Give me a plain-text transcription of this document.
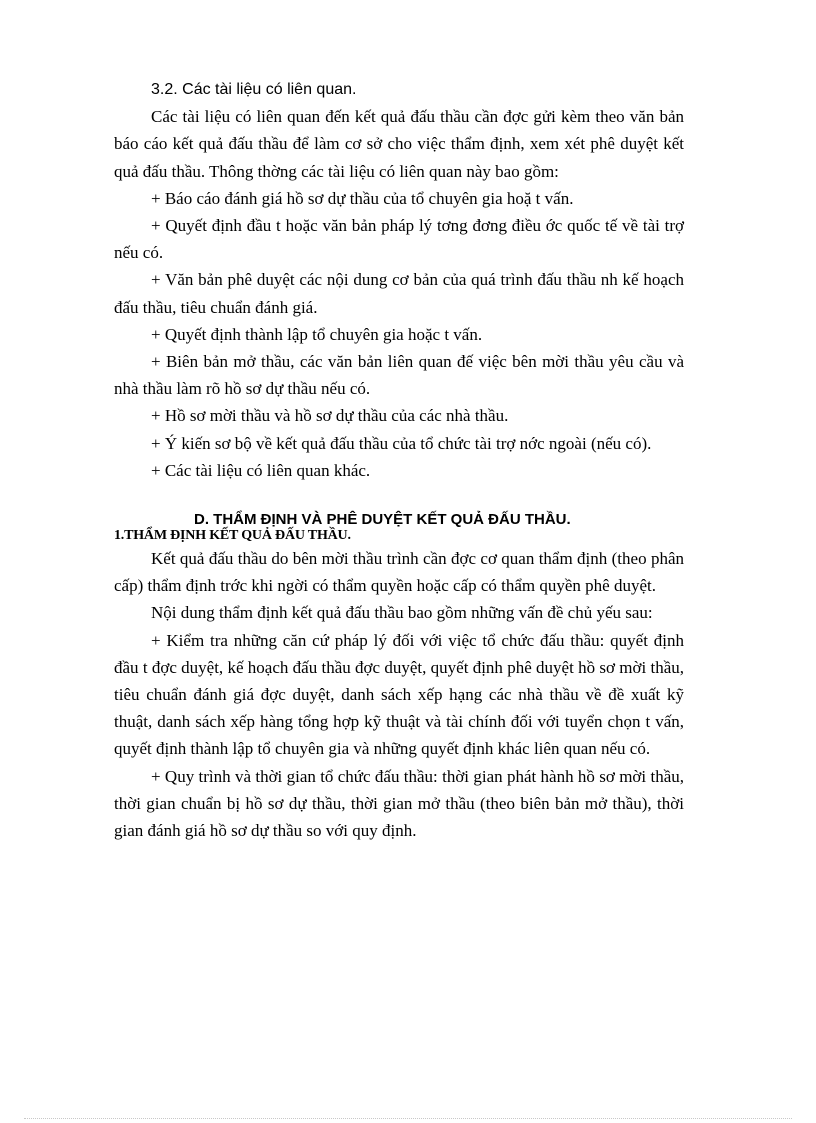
3.2. Các tài liệu có liên quan.

Các tài liệu có liên quan đến kết quả đấu thầu cần đợc gửi kèm theo văn bản báo cáo kết quả đấu thầu để làm cơ sở cho việc thẩm định, xem xét phê duyệt kết quả đấu thầu. Thông thờng các tài liệu có liên quan này bao gồm:

+ Báo cáo đánh giá hồ sơ dự thầu của tổ chuyên gia hoặ t vấn.

+ Quyết định đầu t hoặc văn bản pháp lý tơng đơng điều ớc quốc tế về tài trợ nếu có.

+ Văn bản phê duyệt các nội dung cơ bản của quá trình đấu thầu nh kế hoạch đấu thầu, tiêu chuẩn đánh giá.

+ Quyết định thành lập tổ chuyên gia hoặc t vấn.

+ Biên bản mở thầu, các văn bản liên quan đế việc bên mời thầu yêu cầu và nhà thầu làm rõ hồ sơ dự thầu nếu có.

+ Hồ sơ mời thầu và hồ sơ dự thầu của các nhà thầu.

+ Ý kiến sơ bộ về kết quả đấu thầu của tổ chức tài trợ nớc ngoài (nếu có).

+ Các tài liệu có liên quan khác.

D. THẨM ĐỊNH VÀ PHÊ DUYỆT KẾT QUẢ ĐẤU THẦU.

1.THẨM ĐỊNH KẾT QUẢ ĐẤU THẦU.

Kết quả đấu thầu do bên mời thầu trình cần đợc cơ quan thẩm định (theo phân cấp) thẩm định trớc khi ngời có thẩm quyền hoặc cấp có thẩm quyền phê duyệt.

Nội dung thẩm định kết quả đấu thầu bao gồm những vấn đề chủ yếu sau:

+ Kiểm tra những căn cứ pháp lý đối với việc tổ chức đấu thầu: quyết định đầu t đợc duyệt, kế hoạch đấu thầu đợc duyệt, quyết định phê duyệt hồ sơ mời thầu, tiêu chuẩn đánh giá đợc duyệt, danh sách xếp hạng các nhà thầu về đề xuất kỹ thuật, danh sách xếp hàng tổng hợp kỹ thuật và tài chính đối với tuyển chọn t vấn, quyết định thành lập tổ chuyên gia và những quyết định khác liên quan nếu có.

+ Quy trình và thời gian tổ chức đấu thầu: thời gian phát hành hồ sơ mời thầu, thời gian chuẩn bị hồ sơ dự thầu, thời gian mở thầu (theo biên bản mở thầu), thời gian đánh giá hồ sơ dự thầu so với quy định.
